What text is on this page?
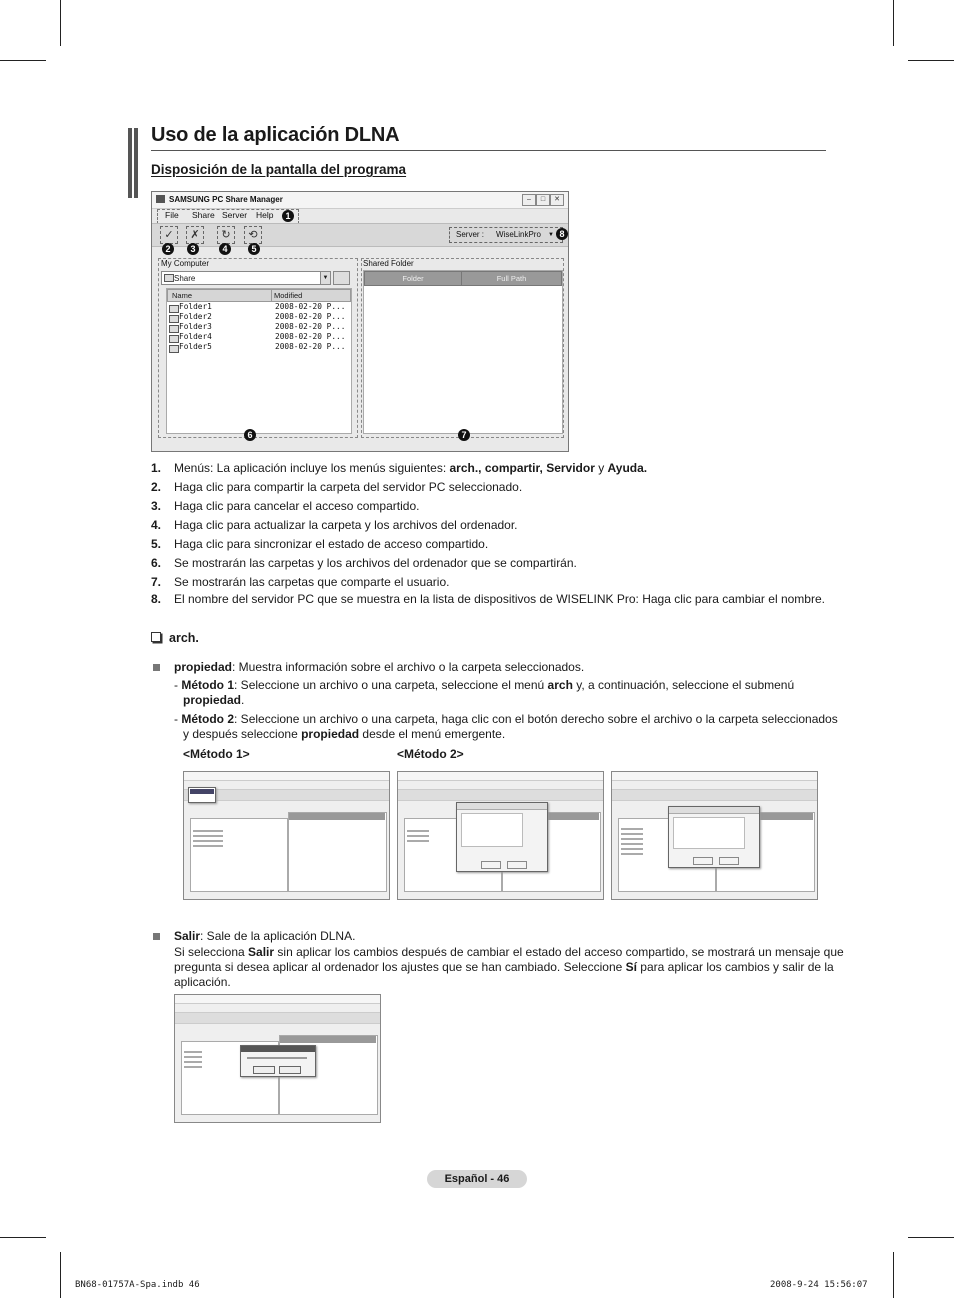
Uso de la aplicación DLNA
Disposición de la pantalla del programa
SAMSUNG PC Share Manager	–	□	✕
File Share Server Help	1
✓	✗	↻	⟲	Server : WiseLinkPro ▼
2	3	4	5
8
My Computer
Share	▼
Name	Modified
Folder1	2008-02-20 P...
Folder2	2008-02-20 P...
Folder3	2008-02-20 P...
Folder4	2008-02-20 P...
Folder5	2008-02-20 P...
6
Shared Folder
Folder	Full Path
7
1. Menús: La aplicación incluye los menús siguientes: arch., compartir, Servidor y Ayuda.
2. Haga clic para compartir la carpeta del servidor PC seleccionado.
3. Haga clic para cancelar el acceso compartido.
4. Haga clic para actualizar la carpeta y los archivos del ordenador.
5. Haga clic para sincronizar el estado de acceso compartido.
6. Se mostrarán las carpetas y los archivos del ordenador que se compartirán.
7. Se mostrarán las carpetas que comparte el usuario.
8. El nombre del servidor PC que se muestra en la lista de dispositivos de WISELINK Pro: Haga clic para cambiar el nombre.
arch.
propiedad: Muestra información sobre el archivo o la carpeta seleccionados.
- Método 1: Seleccione un archivo o una carpeta, seleccione el menú arch y, a continuación, seleccione el submenú
propiedad.
- Método 2: Seleccione un archivo o una carpeta, haga clic con el botón derecho sobre el archivo o la carpeta seleccionados
y después seleccione propiedad desde el menú emergente.
<Método 1>	<Método 2>
Salir: Sale de la aplicación DLNA.
Si selecciona Salir sin aplicar los cambios después de cambiar el estado del acceso compartido, se mostrará un mensaje que
pregunta si desea aplicar al ordenador los ajustes que se han cambiado. Seleccione Sí para aplicar los cambios y salir de la
aplicación.
Español - 46
BN68-01757A-Spa.indb 46	2008-9-24 15:56:07
